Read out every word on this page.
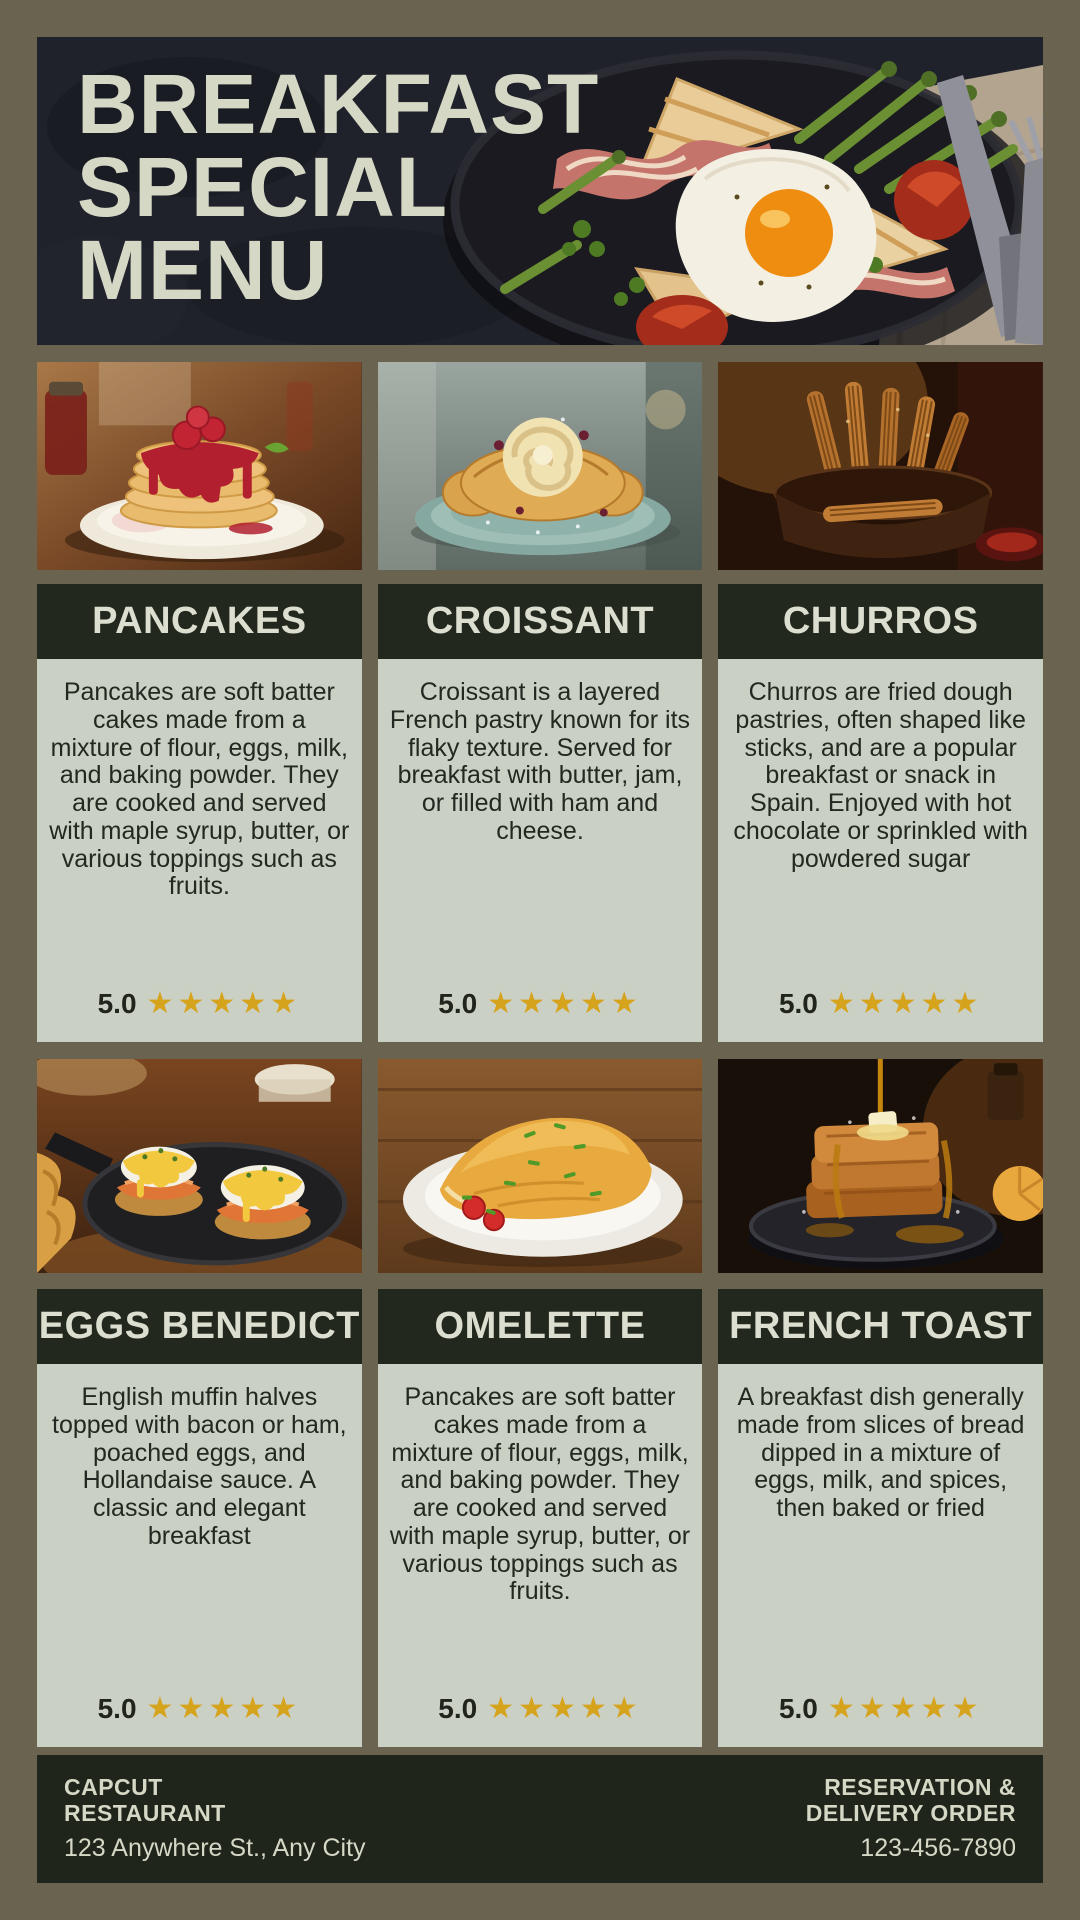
BREAKFAST
SPECIAL
MENU
PANCAKES

Pancakes are soft batter cakes made from a mixture of flour, eggs, milk, and baking powder. They are cooked and served with maple syrup, butter, or various toppings such as fruits.

5.0 ★★★★★
CROISSANT

Croissant is a layered French pastry known for its flaky texture. Served for breakfast with butter, jam, or filled with ham and cheese.

5.0 ★★★★★
CHURROS

Churros are fried dough pastries, often shaped like sticks, and are a popular breakfast or snack in Spain. Enjoyed with hot chocolate or sprinkled with powdered sugar

5.0 ★★★★★
EGGS BENEDICT

English muffin halves topped with bacon or ham, poached eggs, and Hollandaise sauce. A classic and elegant breakfast

5.0 ★★★★★
OMELETTE

Pancakes are soft batter cakes made from a mixture of flour, eggs, milk, and baking powder. They are cooked and served with maple syrup, butter, or various toppings such as fruits.

5.0 ★★★★★
FRENCH TOAST

A breakfast dish generally made from slices of bread dipped in a mixture of eggs, milk, and spices, then baked or fried

5.0 ★★★★★
CAPCUT
RESTAURANT
123 Anywhere St., Any City
RESERVATION &
DELIVERY ORDER
123-456-7890
